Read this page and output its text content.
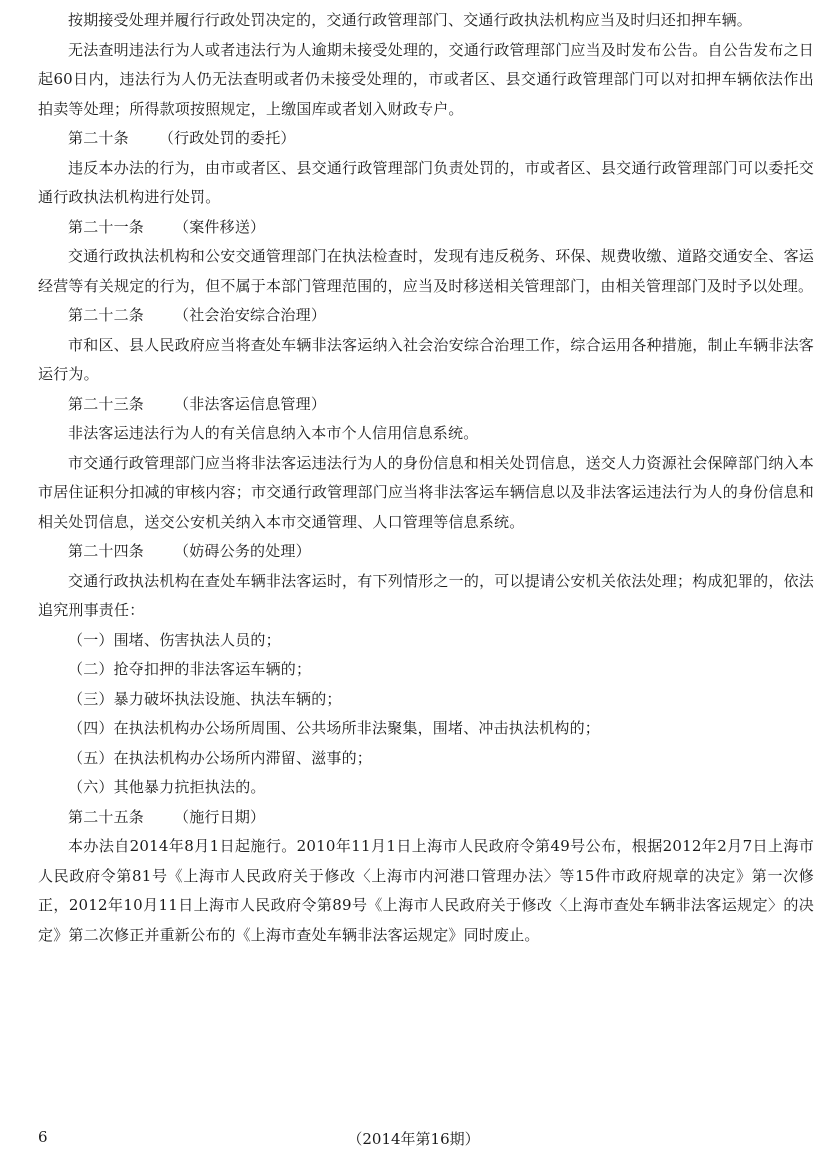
按期接受处理并履行行政处罚决定的，交通行政管理部门、交通行政执法机构应当及时归还扣押车辆。

无法查明违法行为人或者违法行为人逾期未接受处理的，交通行政管理部门应当及时发布公告。自公告发布之日起60日内，违法行为人仍无法查明或者仍未接受处理的，市或者区、县交通行政管理部门可以对扣押车辆依法作出拍卖等处理；所得款项按照规定，上缴国库或者划入财政专户。

第二十条 （行政处罚的委托）

违反本办法的行为，由市或者区、县交通行政管理部门负责处罚的，市或者区、县交通行政管理部门可以委托交通行政执法机构进行处罚。

第二十一条 （案件移送）

交通行政执法机构和公安交通管理部门在执法检查时，发现有违反税务、环保、规费收缴、道路交通安全、客运经营等有关规定的行为，但不属于本部门管理范围的，应当及时移送相关管理部门，由相关管理部门及时予以处理。

第二十二条 （社会治安综合治理）

市和区、县人民政府应当将查处车辆非法客运纳入社会治安综合治理工作，综合运用各种措施，制止车辆非法客运行为。

第二十三条 （非法客运信息管理）

非法客运违法行为人的有关信息纳入本市个人信用信息系统。

市交通行政管理部门应当将非法客运违法行为人的身份信息和相关处罚信息，送交人力资源社会保障部门纳入本市居住证积分扣减的审核内容；市交通行政管理部门应当将非法客运车辆信息以及非法客运违法行为人的身份信息和相关处罚信息，送交公安机关纳入本市交通管理、人口管理等信息系统。

第二十四条 （妨碍公务的处理）

交通行政执法机构在查处车辆非法客运时，有下列情形之一的，可以提请公安机关依法处理；构成犯罪的，依法追究刑事责任：

（一）围堵、伤害执法人员的；

（二）抢夺扣押的非法客运车辆的；

（三）暴力破坏执法设施、执法车辆的；

（四）在执法机构办公场所周围、公共场所非法聚集，围堵、冲击执法机构的；

（五）在执法机构办公场所内滞留、滋事的；

（六）其他暴力抗拒执法的。

第二十五条 （施行日期）

本办法自2014年8月1日起施行。2010年11月1日上海市人民政府令第49号公布，根据2012年2月7日上海市人民政府令第81号《上海市人民政府关于修改〈上海市内河港口管理办法〉等15件市政府规章的决定》第一次修正，2012年10月11日上海市人民政府令第89号《上海市人民政府关于修改〈上海市查处车辆非法客运规定〉的决定》第二次修正并重新公布的《上海市查处车辆非法客运规定》同时废止。

（2014年第16期）
6
